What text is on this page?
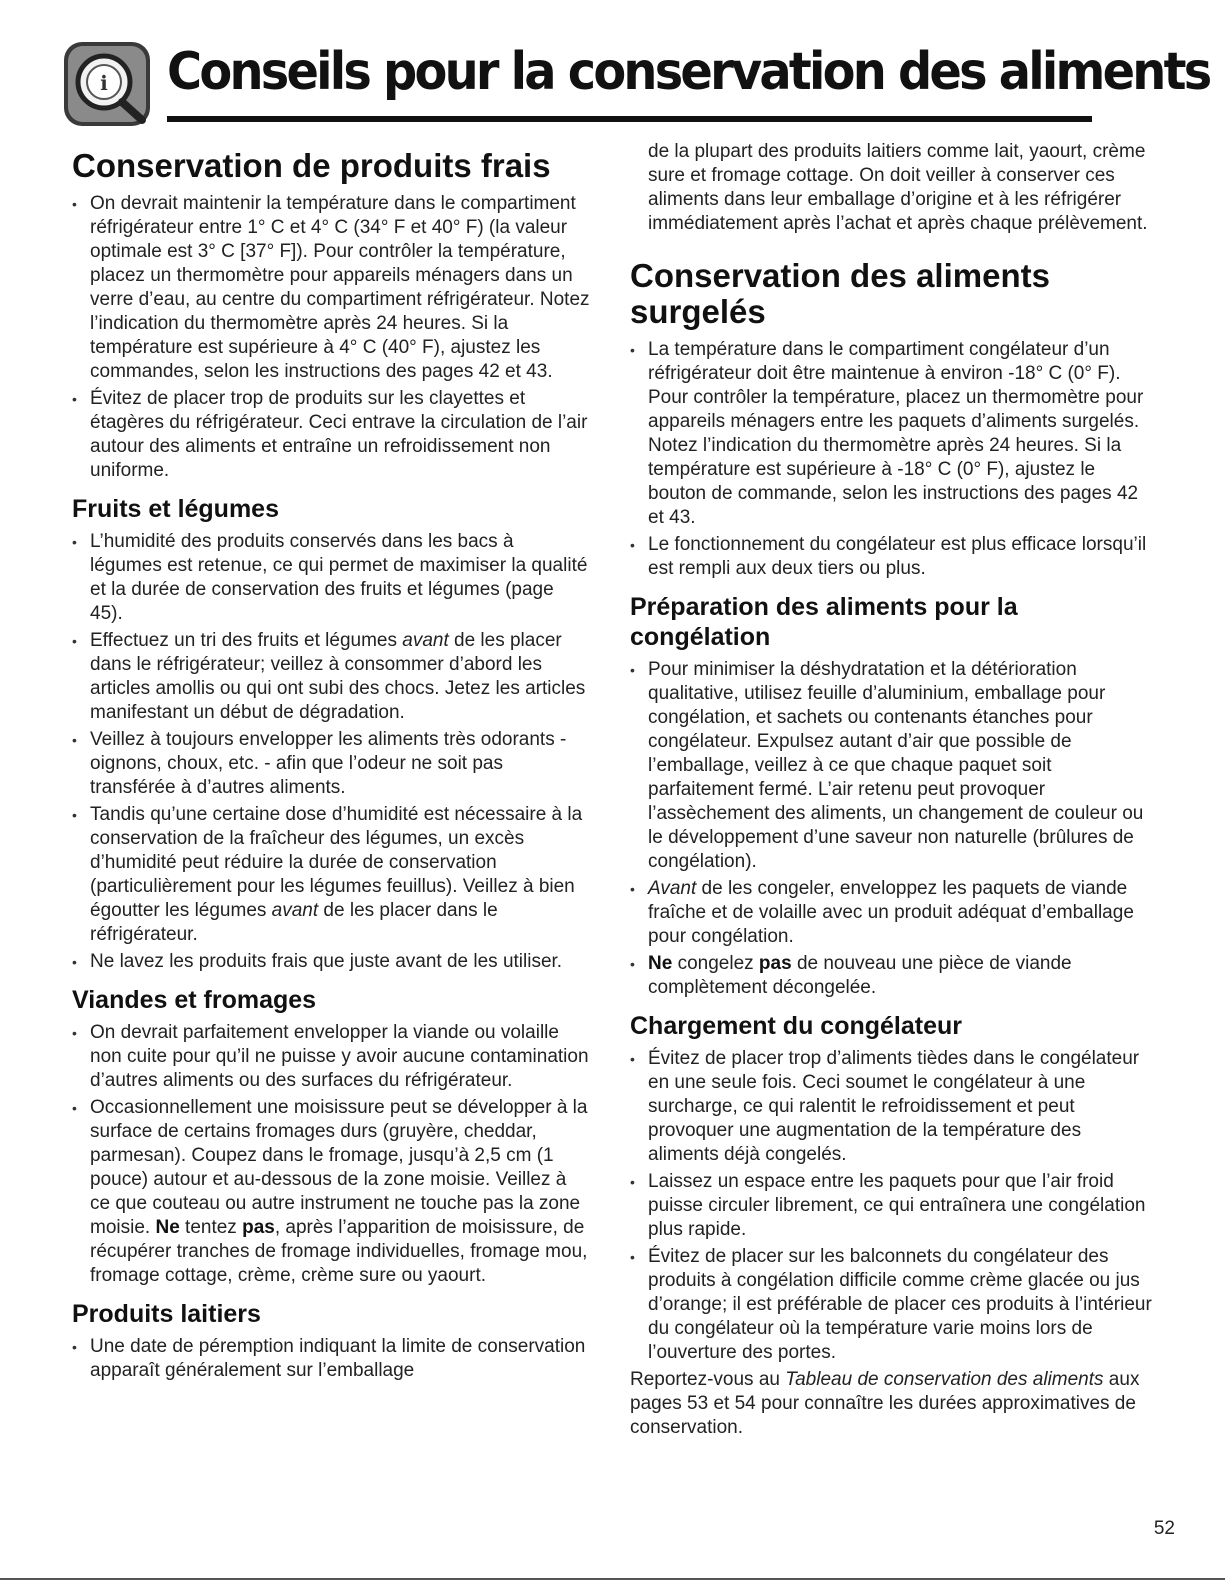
ℹ Conseils pour la conservation des aliments
Conservation de produits frais
• On devrait maintenir la température dans le compartiment réfrigérateur entre 1° C et 4° C (34° F et 40° F) (la valeur optimale est 3° C [37° F]). Pour contrôler la température, placez un thermomètre pour appareils ménagers dans un verre d’eau, au centre du compartiment réfrigérateur. Notez l’indication du thermomètre après 24 heures. Si la température est supérieure à 4° C (40° F), ajustez les commandes, selon les instructions des pages 42 et 43.
• Évitez de placer trop de produits sur les clayettes et étagères du réfrigérateur. Ceci entrave la circulation de l’air autour des aliments et entraîne un refroidissement non uniforme.
Fruits et légumes
• L’humidité des produits conservés dans les bacs à légumes est retenue, ce qui permet de maximiser la qualité et la durée de conservation des fruits et légumes (page 45).
• Effectuez un tri des fruits et légumes avant de les placer dans le réfrigérateur; veillez à consommer d’abord les articles amollis ou qui ont subi des chocs. Jetez les articles manifestant un début de dégradation.
• Veillez à toujours envelopper les aliments très odorants - oignons, choux, etc. - afin que l’odeur ne soit pas transférée à d’autres aliments.
• Tandis qu’une certaine dose d’humidité est nécessaire à la conservation de la fraîcheur des légumes, un excès d’humidité peut réduire la durée de conservation (particulièrement pour les légumes feuillus). Veillez à bien égoutter les légumes avant de les placer dans le réfrigérateur.
• Ne lavez les produits frais que juste avant de les utiliser.
Viandes et fromages
• On devrait parfaitement envelopper la viande ou volaille non cuite pour qu’il ne puisse y avoir aucune contamination d’autres aliments ou des surfaces du réfrigérateur.
• Occasionnellement une moisissure peut se développer à la surface de certains fromages durs (gruyère, cheddar, parmesan). Coupez dans le fromage, jusqu’à 2,5 cm (1 pouce) autour et au-dessous de la zone moisie. Veillez à ce que couteau ou autre instrument ne touche pas la zone moisie. Ne tentez pas, après l’apparition de moisissure, de récupérer tranches de fromage individuelles, fromage mou, fromage cottage, crème, crème sure ou yaourt.
Produits laitiers
• Une date de péremption indiquant la limite de conservation apparaît généralement sur l’emballage

de la plupart des produits laitiers comme lait, yaourt, crème sure et fromage cottage. On doit veiller à conserver ces aliments dans leur emballage d’origine et à les réfrigérer immédiatement après l’achat et après chaque prélèvement.

Conservation des aliments surgelés
• La température dans le compartiment congélateur d’un réfrigérateur doit être maintenue à environ -18° C (0° F). Pour contrôler la température, placez un thermomètre pour appareils ménagers entre les paquets d’aliments surgelés. Notez l’indication du thermomètre après 24 heures. Si la température est supérieure à -18° C (0° F), ajustez le bouton de commande, selon les instructions des pages 42 et 43.
• Le fonctionnement du congélateur est plus efficace lorsqu’il est rempli aux deux tiers ou plus.
Préparation des aliments pour la congélation
• Pour minimiser la déshydratation et la détérioration qualitative, utilisez feuille d’aluminium, emballage pour congélation, et sachets ou contenants étanches pour congélateur. Expulsez autant d’air que possible de l’emballage, veillez à ce que chaque paquet soit parfaitement fermé. L’air retenu peut provoquer l’assèchement des aliments, un changement de couleur ou le développement d’une saveur non naturelle (brûlures de congélation).
• Avant de les congeler, enveloppez les paquets de viande fraîche et de volaille avec un produit adéquat d’emballage pour congélation.
• Ne congelez pas de nouveau une pièce de viande complètement décongelée.
Chargement du congélateur
• Évitez de placer trop d’aliments tièdes dans le congélateur en une seule fois. Ceci soumet le congélateur à une surcharge, ce qui ralentit le refroidissement et peut provoquer une augmentation de la température des aliments déjà congelés.
• Laissez un espace entre les paquets pour que l’air froid puisse circuler librement, ce qui entraînera une congélation plus rapide.
• Évitez de placer sur les balconnets du congélateur des produits à congélation difficile comme crème glacée ou jus d’orange; il est préférable de placer ces produits à l’intérieur du congélateur où la température varie moins lors de l’ouverture des portes.

Reportez-vous au Tableau de conservation des aliments aux pages 53 et 54 pour connaître les durées approximatives de conservation.

52
